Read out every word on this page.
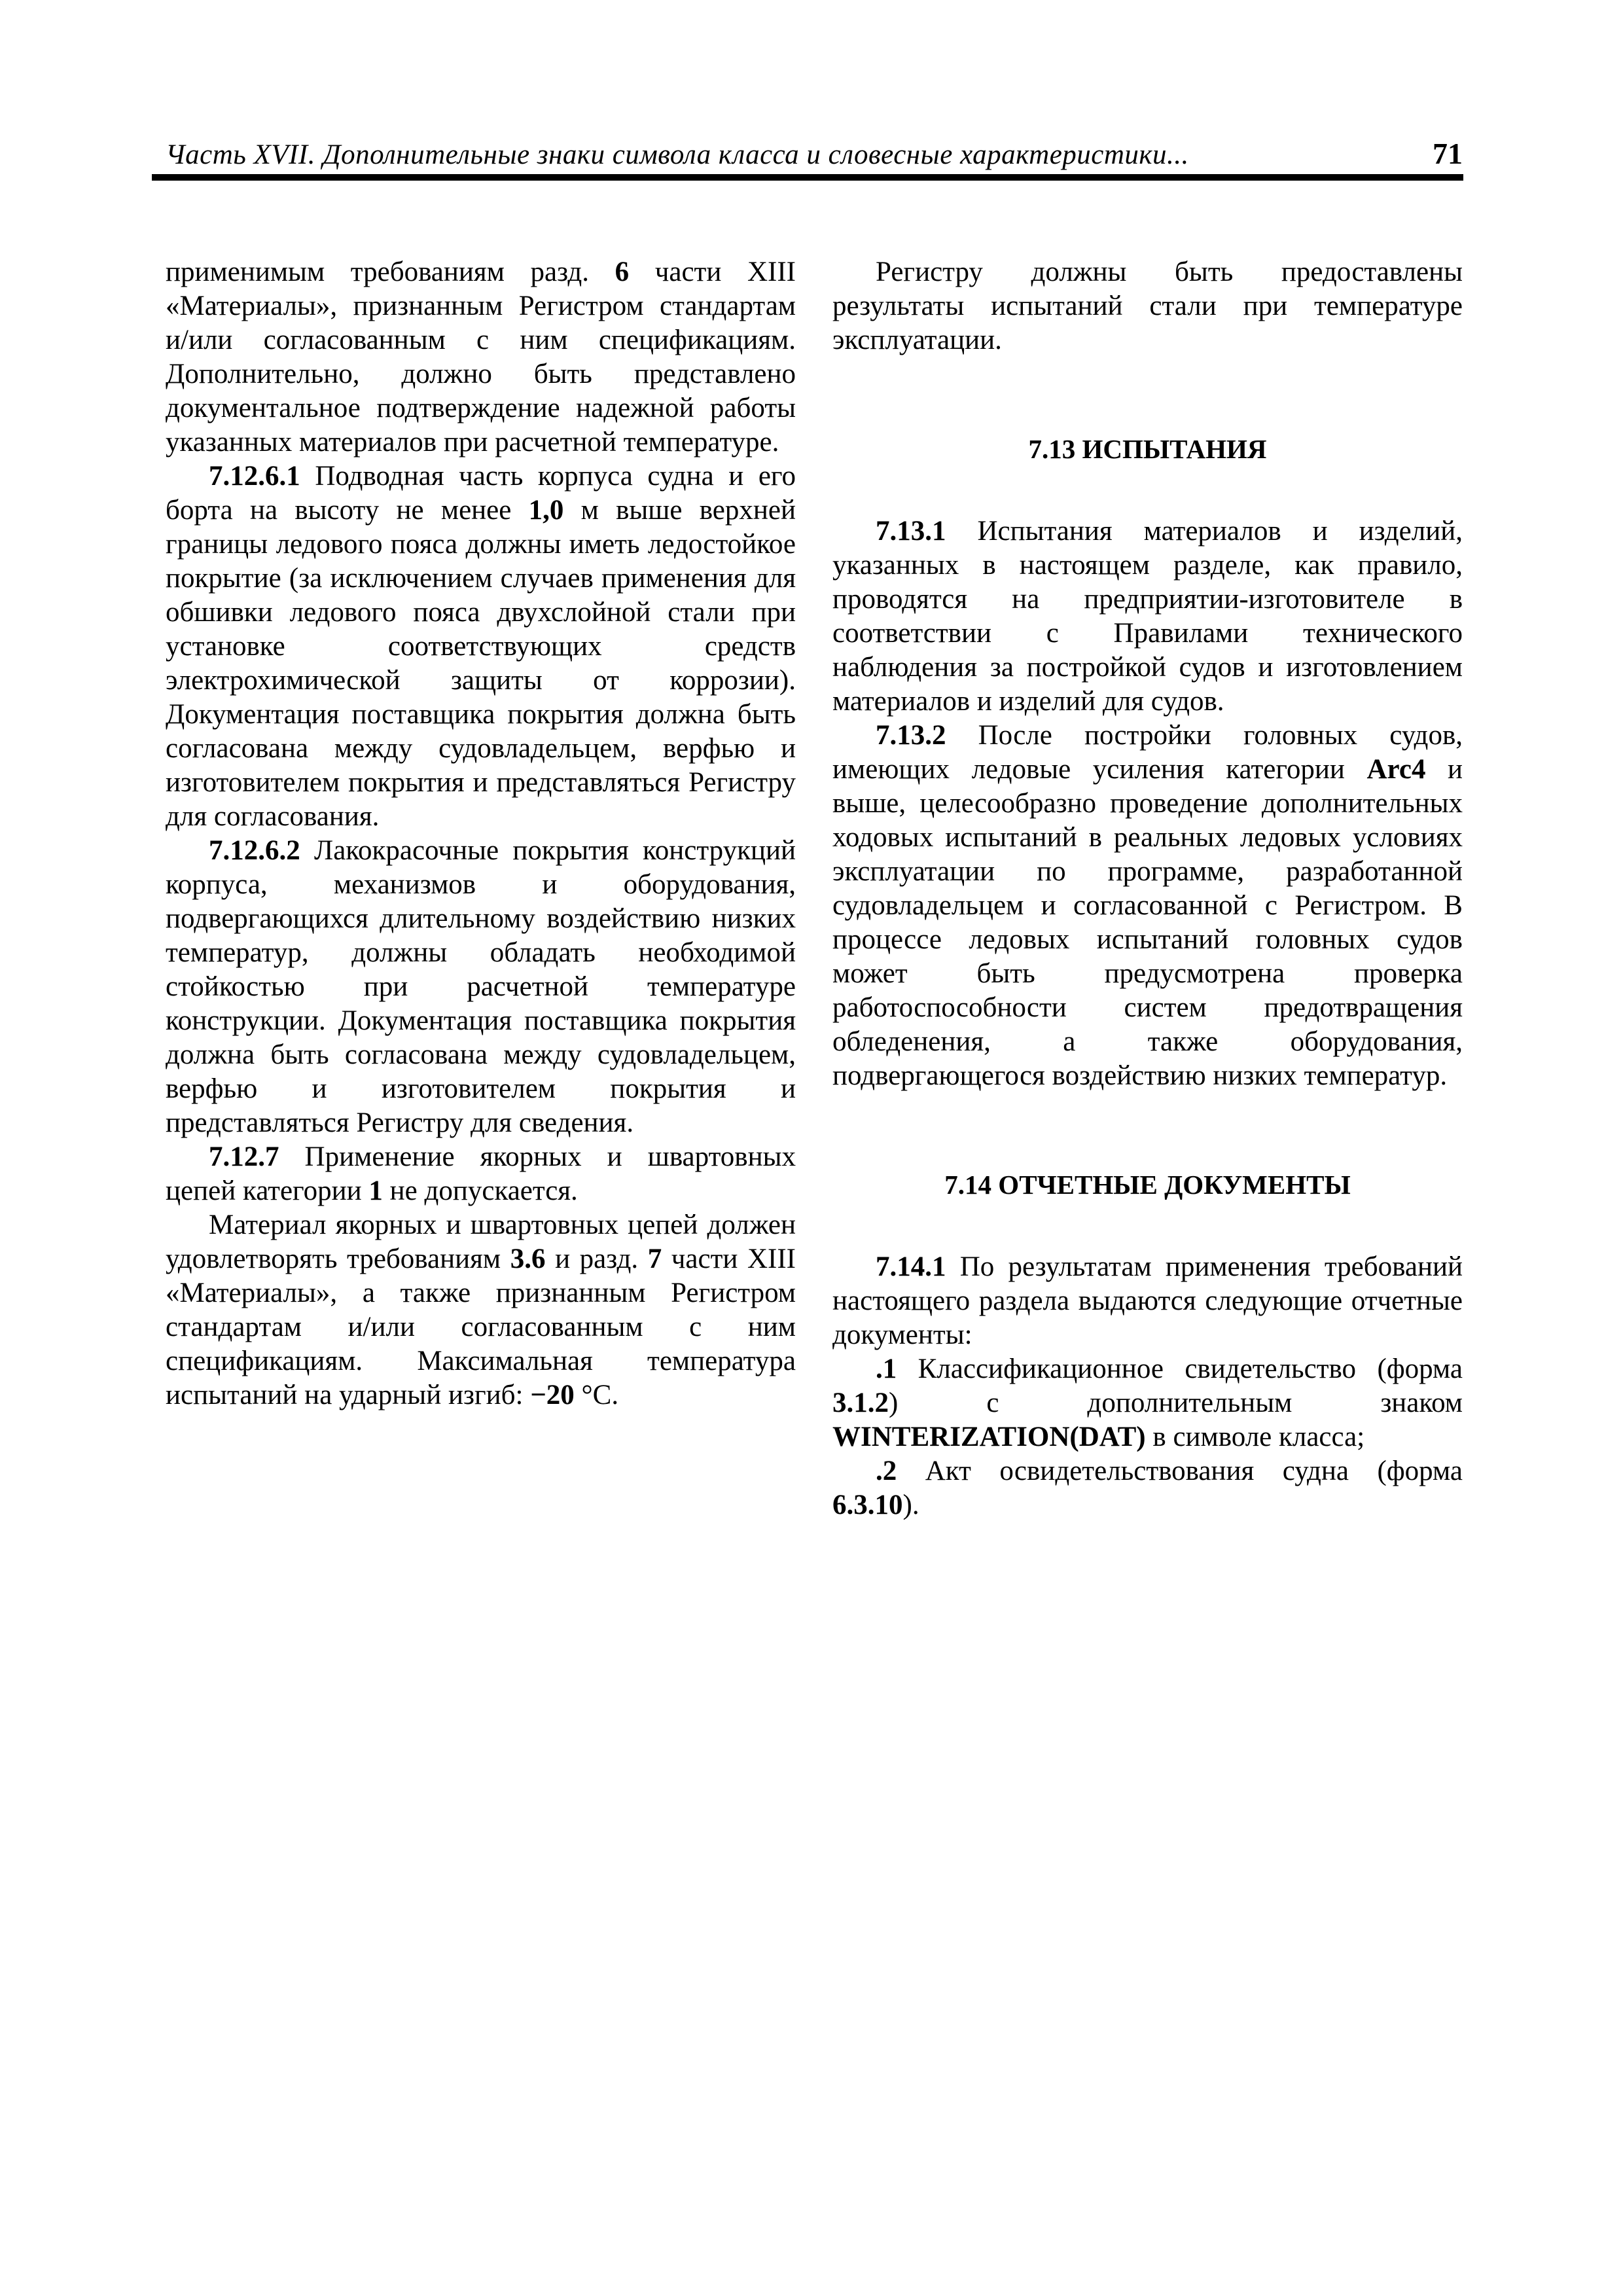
Часть XVII. Дополнительные знаки символа класса и словесные характеристики...	71

применимым требованиям разд. 6 части XIII «Материалы», признанным Регистром стандартам и/или согласованным с ним спецификациям. Дополнительно, должно быть представлено документальное подтверждение надежной работы указанных материалов при расчетной температуре.

7.12.6.1 Подводная часть корпуса судна и его борта на высоту не менее 1,0 м выше верхней границы ледового пояса должны иметь ледостойкое покрытие (за исключением случаев применения для обшивки ледового пояса двухслойной стали при установке соответствующих средств электрохимической защиты от коррозии). Документация поставщика покрытия должна быть согласована между судовладельцем, верфью и изготовителем покрытия и представляться Регистру для согласования.

7.12.6.2 Лакокрасочные покрытия конструкций корпуса, механизмов и оборудования, подвергающихся длительному воздействию низких температур, должны обладать необходимой стойкостью при расчетной температуре конструкции. Документация поставщика покрытия должна быть согласована между судовладельцем, верфью и изготовителем покрытия и представляться Регистру для сведения.

7.12.7 Применение якорных и швартовных цепей категории 1 не допускается.

Материал якорных и швартовных цепей должен удовлетворять требованиям 3.6 и разд. 7 части XIII «Материалы», а также признанным Регистром стандартам и/или согласованным с ним спецификациям. Максимальная температура испытаний на ударный изгиб: −20 °С.

Регистру должны быть предоставлены результаты испытаний стали при температуре эксплуатации.

7.13 ИСПЫТАНИЯ

7.13.1 Испытания материалов и изделий, указанных в настоящем разделе, как правило, проводятся на предприятии-изготовителе в соответствии с Правилами технического наблюдения за постройкой судов и изготовлением материалов и изделий для судов.

7.13.2 После постройки головных судов, имеющих ледовые усиления категории Arc4 и выше, целесообразно проведение дополнительных ходовых испытаний в реальных ледовых условиях эксплуатации по программе, разработанной судовладельцем и согласованной с Регистром. В процессе ледовых испытаний головных судов может быть предусмотрена проверка работоспособности систем предотвращения обледенения, а также оборудования, подвергающегося воздействию низких температур.

7.14 ОТЧЕТНЫЕ ДОКУМЕНТЫ

7.14.1 По результатам применения требований настоящего раздела выдаются следующие отчетные документы:

.1 Классификационное свидетельство (форма 3.1.2) с дополнительным знаком WINTERIZATION(DAT) в символе класса;

.2 Акт освидетельствования судна (форма 6.3.10).
